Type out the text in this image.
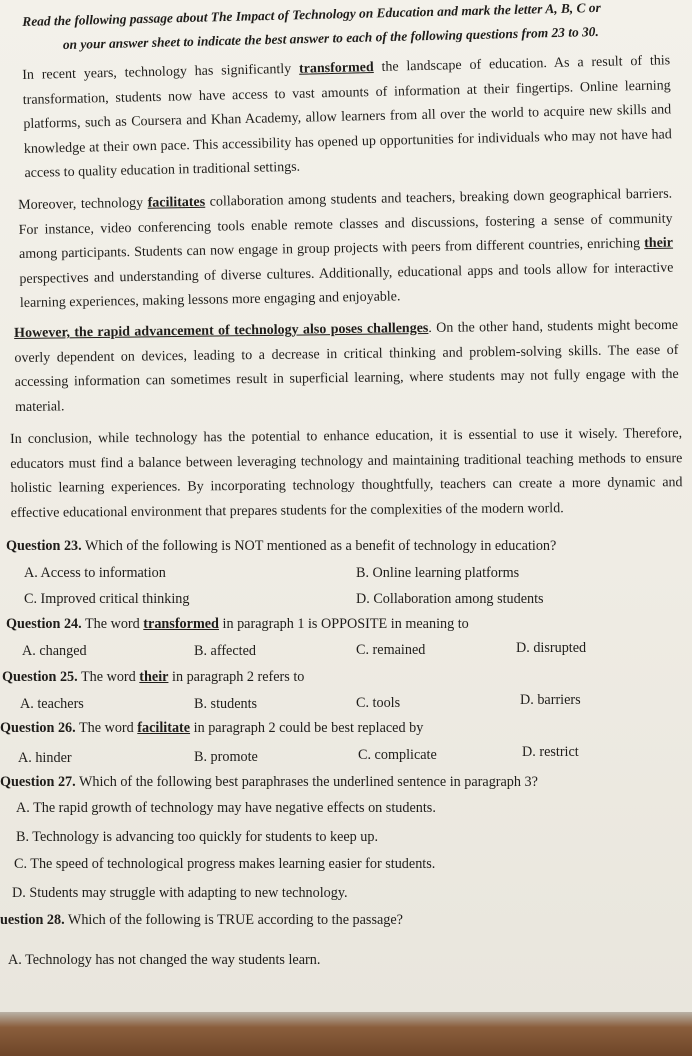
Read the following passage about The Impact of Technology on Education and mark the letter A, B, C or
on your answer sheet to indicate the best answer to each of the following questions from 23 to 30.
In recent years, technology has significantly transformed the landscape of education. As a result of this transformation, students now have access to vast amounts of information at their fingertips. Online learning platforms, such as Coursera and Khan Academy, allow learners from all over the world to acquire new skills and knowledge at their own pace. This accessibility has opened up opportunities for individuals who may not have had access to quality education in traditional settings.
Moreover, technology facilitates collaboration among students and teachers, breaking down geographical barriers. For instance, video conferencing tools enable remote classes and discussions, fostering a sense of community among participants. Students can now engage in group projects with peers from different countries, enriching their perspectives and understanding of diverse cultures. Additionally, educational apps and tools allow for interactive learning experiences, making lessons more engaging and enjoyable.
However, the rapid advancement of technology also poses challenges. On the other hand, students might become overly dependent on devices, leading to a decrease in critical thinking and problem-solving skills. The ease of accessing information can sometimes result in superficial learning, where students may not fully engage with the material.
In conclusion, while technology has the potential to enhance education, it is essential to use it wisely. Therefore, educators must find a balance between leveraging technology and maintaining traditional teaching methods to ensure holistic learning experiences. By incorporating technology thoughtfully, teachers can create a more dynamic and effective educational environment that prepares students for the complexities of the modern world.
Question 23. Which of the following is NOT mentioned as a benefit of technology in education?
A. Access to information	B. Online learning platforms
C. Improved critical thinking	D. Collaboration among students
Question 24. The word transformed in paragraph 1 is OPPOSITE in meaning to
A. changed	B. affected	C. remained	D. disrupted
Question 25. The word their in paragraph 2 refers to
A. teachers	B. students	C. tools	D. barriers
Question 26. The word facilitate in paragraph 2 could be best replaced by
A. hinder	B. promote	C. complicate	D. restrict
Question 27. Which of the following best paraphrases the underlined sentence in paragraph 3?
A. The rapid growth of technology may have negative effects on students.
B. Technology is advancing too quickly for students to keep up.
C. The speed of technological progress makes learning easier for students.
D. Students may struggle with adapting to new technology.
uestion 28. Which of the following is TRUE according to the passage?
A. Technology has not changed the way students learn.
